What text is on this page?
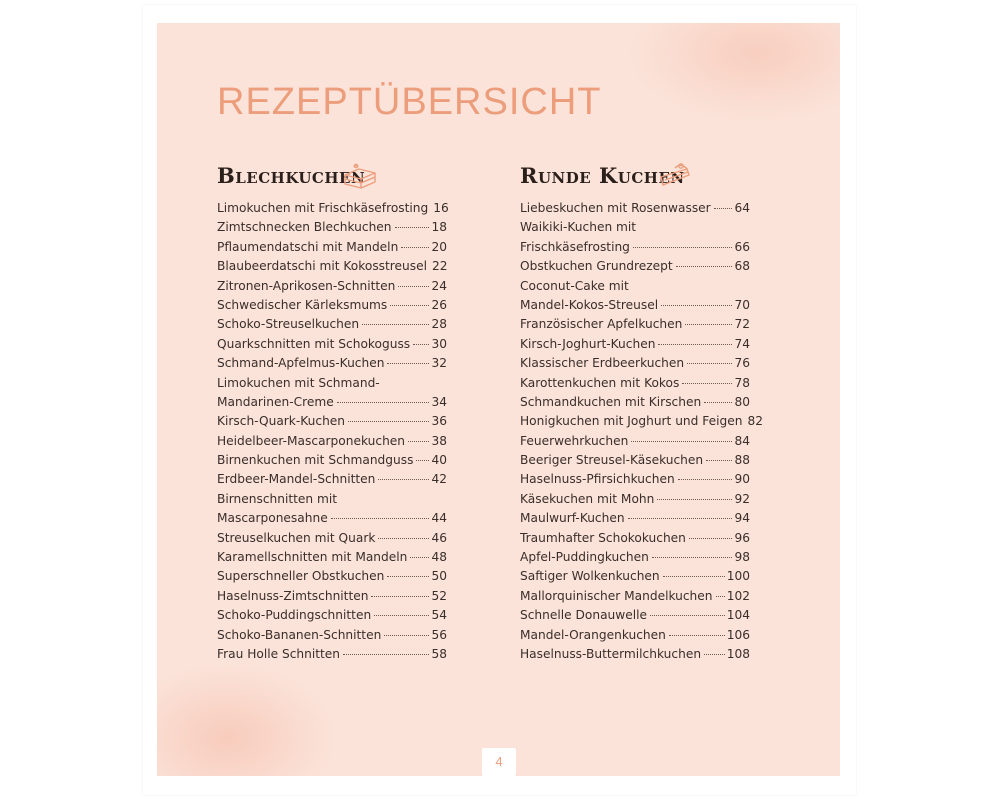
REZEPTÜBERSICHT
Blechkuchen
Limokuchen mit Frischkäsefrosting 16
Zimtschnecken Blechkuchen	18
Pflaumendatschi mit Mandeln	20
Blaubeerdatschi mit Kokosstreusel 22
Zitronen-Aprikosen-Schnitten	24
Schwedischer Kärleksmums	26
Schoko-Streuselkuchen	28
Quarkschnitten mit Schokoguss 30
Schmand-Apfelmus-Kuchen	32
Limokuchen mit Schmand-
Mandarinen-Creme	34
Kirsch-Quark-Kuchen	36
Heidelbeer-Mascarponekuchen 38
Birnenkuchen mit Schmandguss 40
Erdbeer-Mandel-Schnitten	42
Birnenschnitten mit
Mascarponesahne	44
Streuselkuchen mit Quark	46
Karamellschnitten mit Mandeln 48
Superschneller Obstkuchen	50
Haselnuss-Zimtschnitten	52
Schoko-Puddingschnitten	54
Schoko-Bananen-Schnitten	56
Frau Holle Schnitten	58
Runde Kuchen
Liebeskuchen mit Rosenwasser 64
Waikiki-Kuchen mit
Frischkäsefrosting	66
Obstkuchen Grundrezept	68
Coconut-Cake mit
Mandel-Kokos-Streusel	70
Französischer Apfelkuchen	72
Kirsch-Joghurt-Kuchen	74
Klassischer Erdbeerkuchen	76
Karottenkuchen mit Kokos	78
Schmandkuchen mit Kirschen	80
Honigkuchen mit Joghurt und Feigen 82
Feuerwehrkuchen	84
Beeriger Streusel-Käsekuchen	88
Haselnuss-Pfirsichkuchen	90
Käsekuchen mit Mohn	92
Maulwurf-Kuchen	94
Traumhafter Schokokuchen	96
Apfel-Puddingkuchen	98
Saftiger Wolkenkuchen	100
Mallorquinischer Mandelkuchen 102
Schnelle Donauwelle	104
Mandel-Orangenkuchen	106
Haselnuss-Buttermilchkuchen 108
4
